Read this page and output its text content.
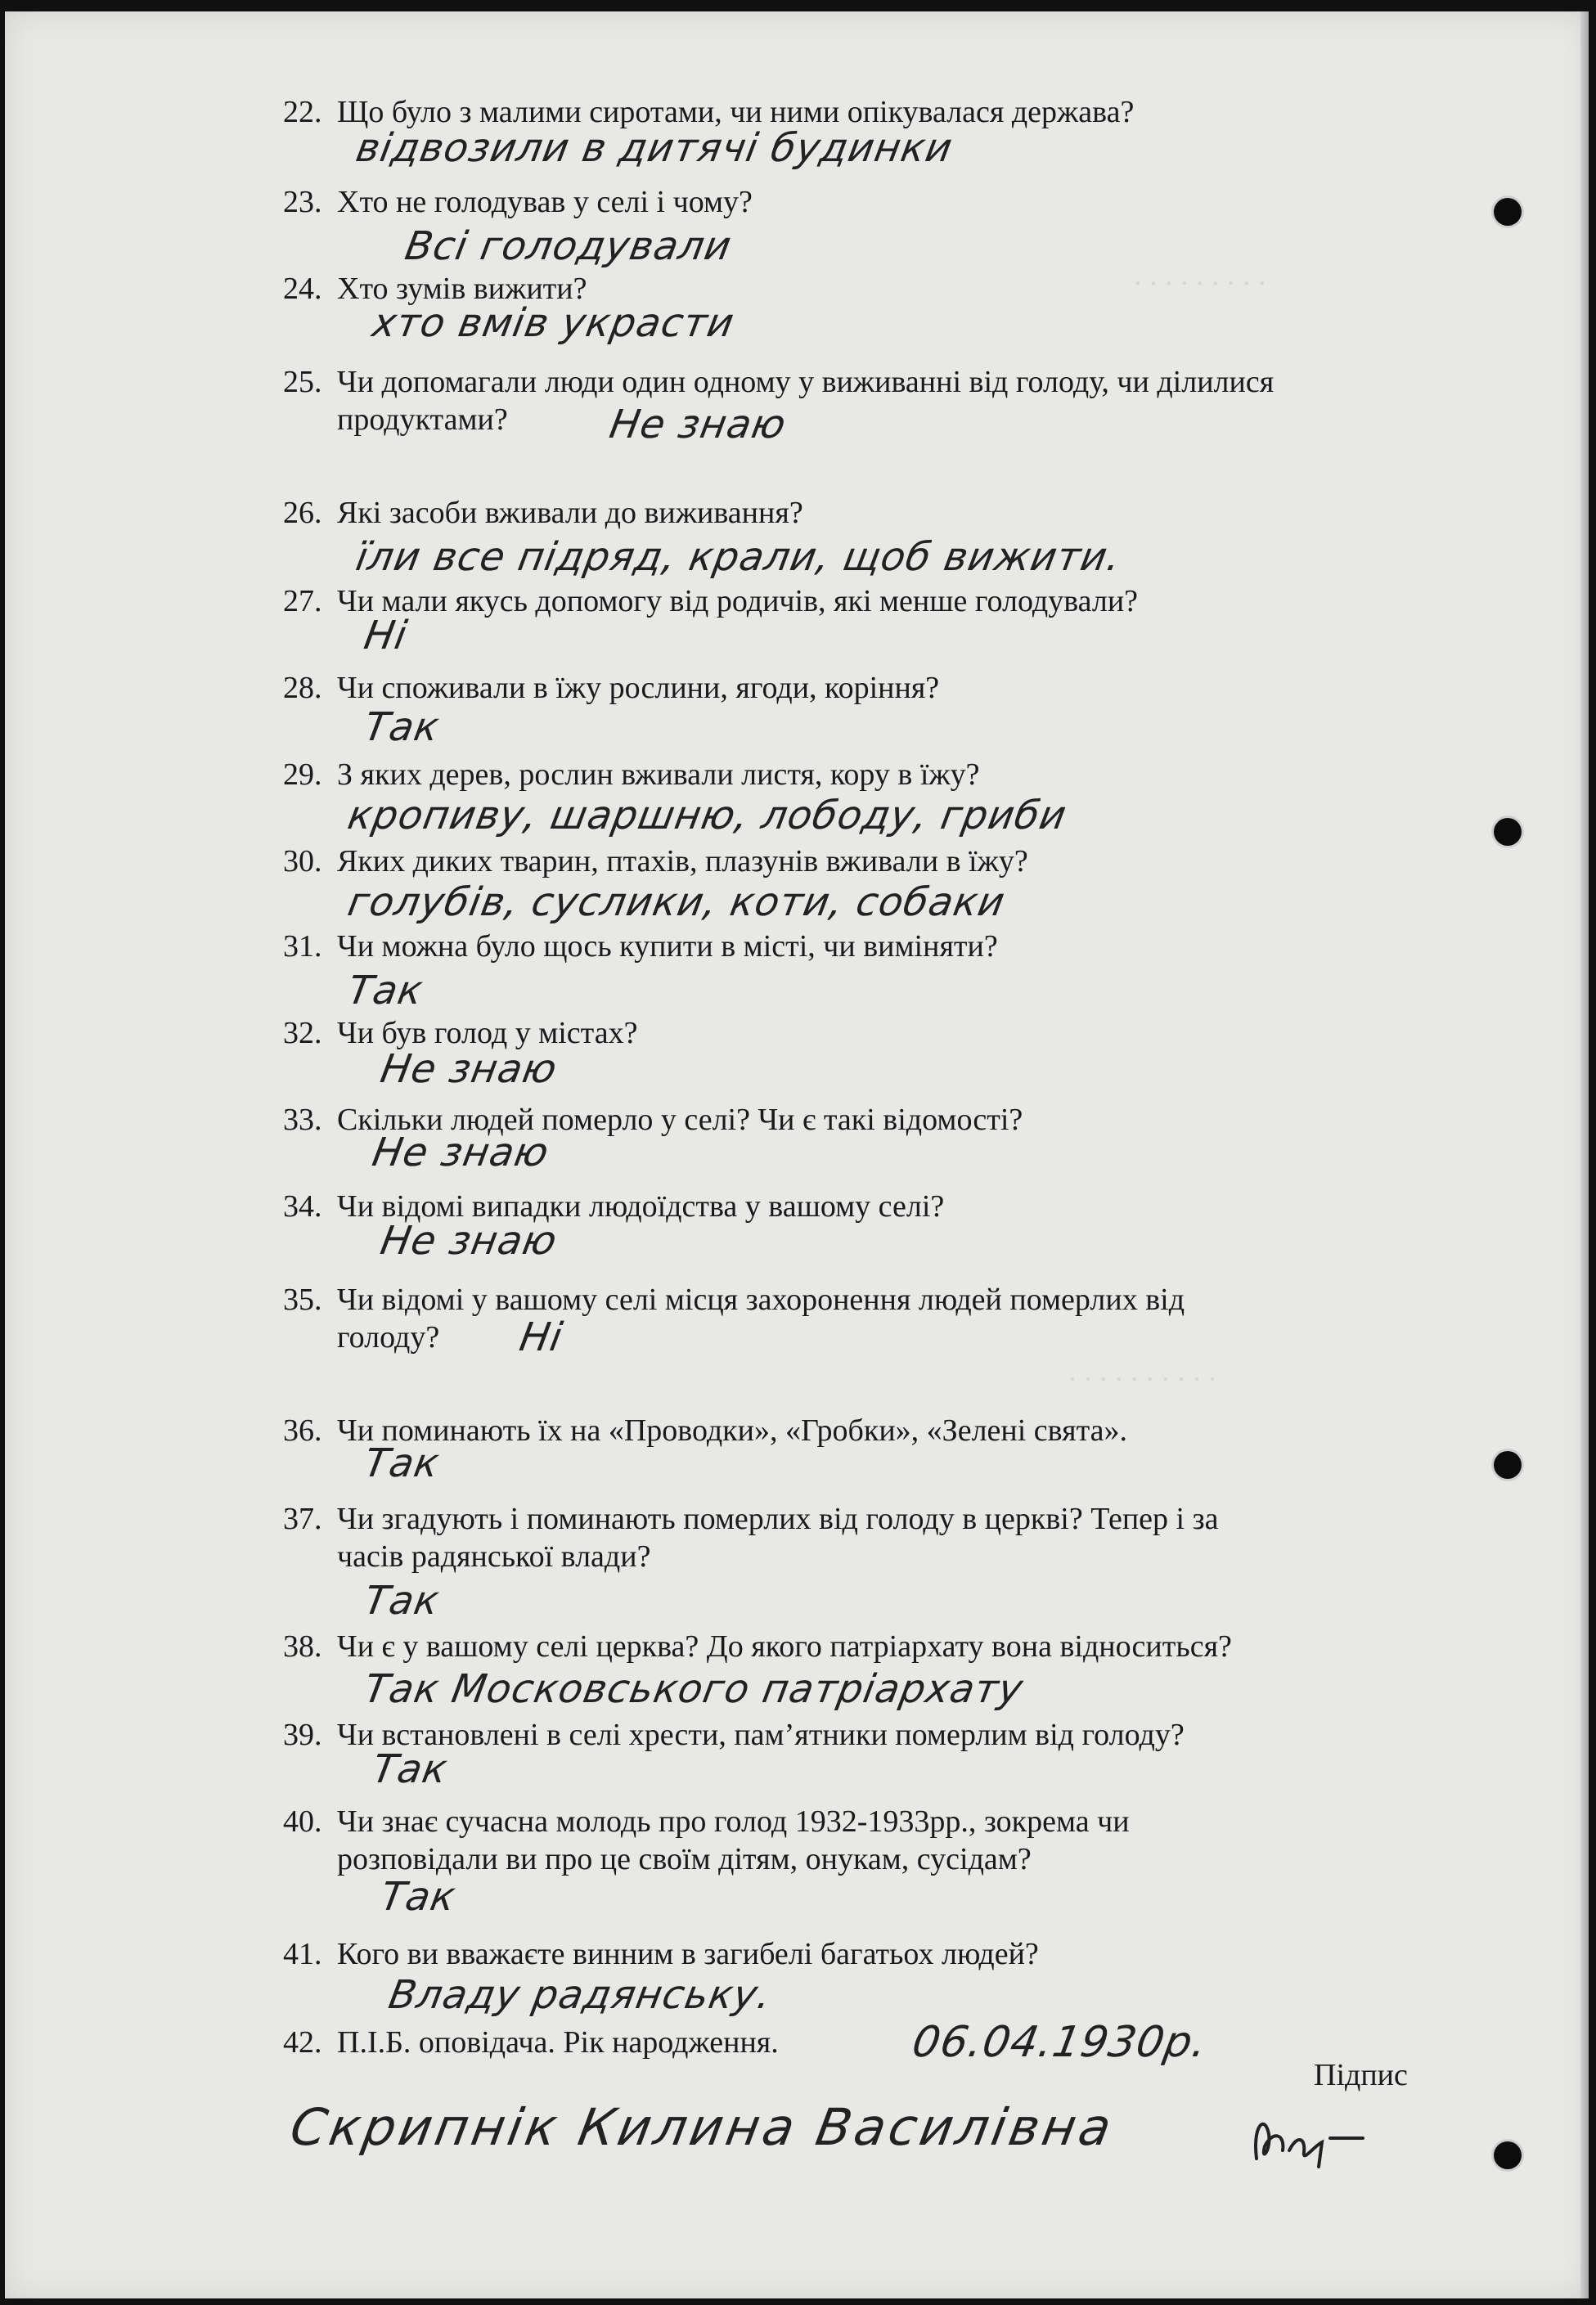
. . . . . . . . .
. . . . . . . . . .

22.

Що було з малими сиротами, чи ними опікувалася держава?

відвозили в дитячі будинки

23.

Хто не голодував у селі і чому?

Всі голодували

24.

Хто зумів вижити?

хто вмів украсти

25.

Чи допомагали люди один одному у виживанні від голоду, чи ділилися
продуктами?

	Не знаю

26.

Які засоби вживали до виживання?

їли все підряд, крали, щоб вижити.

27.

Чи мали якусь допомогу від родичів, які менше голодували?

Ні

28.

Чи споживали в їжу рослини, ягоди, коріння?

Так

29.

З яких дерев, рослин вживали листя, кору в їжу?

кропиву, шаршню, лободу, гриби

30.

Яких диких тварин, птахів, плазунів вживали в їжу?

голубів, суслики, коти, собаки

31.

Чи можна було щось купити в місті, чи виміняти?

Так

32.

Чи був голод у містах?

Не знаю

33.

Скільки людей померло у селі? Чи є такі відомості?

Не знаю

34.

Чи відомі випадки людоїдства у вашому селі?

Не знаю

35.

Чи відомі у вашому селі місця захоронення людей померлих від
голоду?

	Ні

36.

Чи поминають їх на «Проводки», «Гробки», «Зелені свята».

Так

37.

Чи згадують і поминають померлих від голоду в церкві? Тепер і за
часів радянської влади?

Так

38.

Чи є у вашому селі церква? До якого патріархату вона відноситься?

Так Московського патріархату

39.

Чи встановлені в селі хрести, пам’ятники померлим від голоду?

Так

40.

Чи знає сучасна молодь про голод 1932-1933рр., зокрема чи
розповідали ви про це своїм дітям, онукам, сусідам?

Так

41.

Кого ви вважаєте винним в загибелі багатьох людей?

Владу радянську.

42.

П.І.Б. оповідача. Рік народження.

	06.04.1930р.
Скрипнік Килина Василівна
Підпис
